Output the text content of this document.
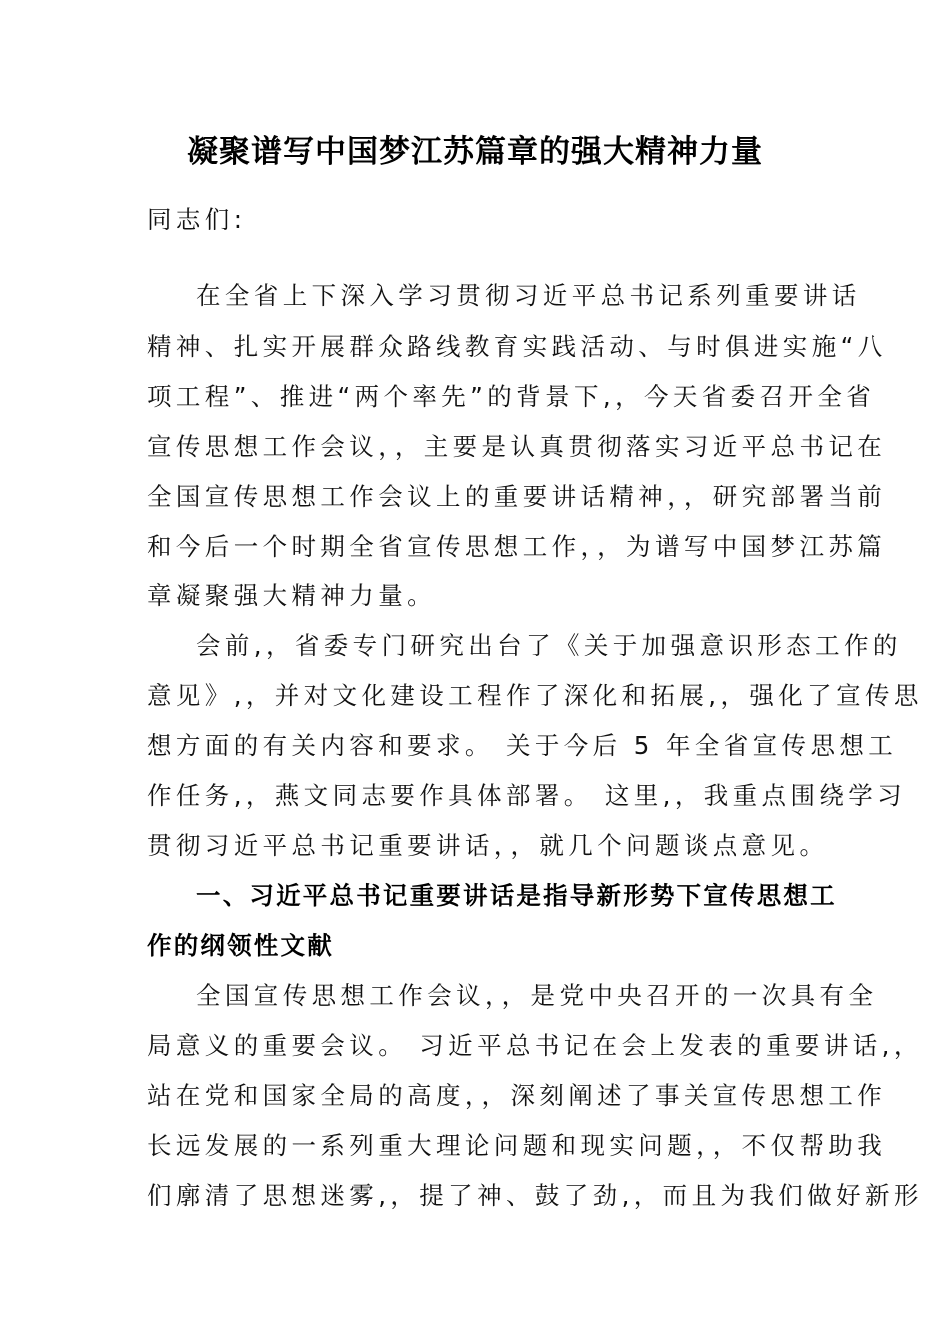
凝聚谱写中国梦江苏篇章的强大精神力量
同志们:
在全省上下深入学习贯彻习近平总书记系列重要讲话
精神、扎实开展群众路线教育实践活动、与时俱进实施“八
项工程”、推进“两个率先”的背景下,，今天省委召开全省
宣传思想工作会议，，主要是认真贯彻落实习近平总书记在
全国宣传思想工作会议上的重要讲话精神，，研究部署当前
和今后一个时期全省宣传思想工作，，为谱写中国梦江苏篇
章凝聚强大精神力量。
会前,，省委专门研究出台了《关于加强意识形态工作的
意见》,，并对文化建设工程作了深化和拓展,，强化了宣传思
想方面的有关内容和要求。 关于今后 5 年全省宣传思想工
作任务,，燕文同志要作具体部署。 这里,，我重点围绕学习
贯彻习近平总书记重要讲话，，就几个问题谈点意见。
一、习近平总书记重要讲话是指导新形势下宣传思想工
作的纲领性文献
全国宣传思想工作会议，，是党中央召开的一次具有全
局意义的重要会议。 习近平总书记在会上发表的重要讲话,，
站在党和国家全局的高度，，深刻阐述了事关宣传思想工作
长远发展的一系列重大理论问题和现实问题，，不仅帮助我
们廓清了思想迷雾,，提了神、鼓了劲,，而且为我们做好新形
